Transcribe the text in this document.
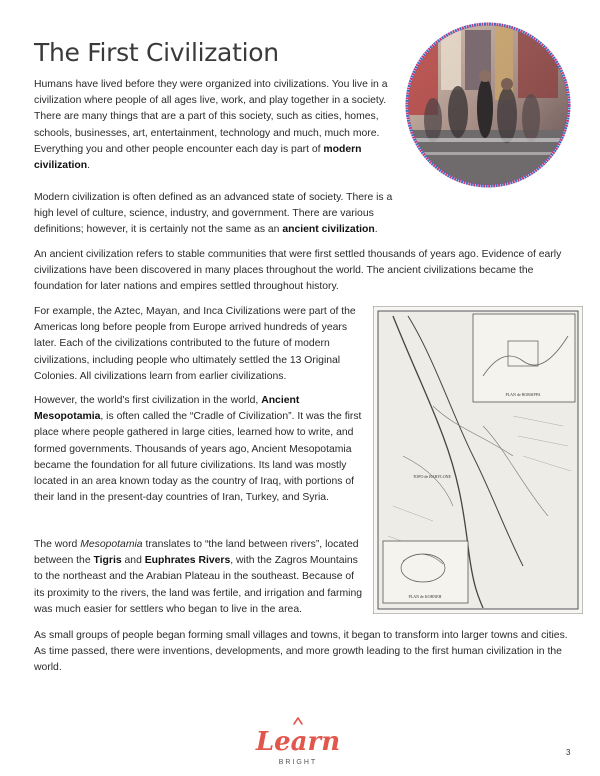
The First Civilization

Humans have lived before they were organized into civilizations. You live in a civilization where people of all ages live, work, and play together in a society. There are many things that are a part of this society, such as cities, homes, schools, businesses, art, entertainment, technology and much, much more. Everything you and other people encounter each day is part of modern civilization.

Modern civilization is often defined as an advanced state of society. There is a high level of culture, science, industry, and government. There are various definitions; however, it is certainly not the same as an ancient civilization.

An ancient civilization refers to stable communities that were first settled thousands of years ago. Evidence of early civilizations have been discovered in many places throughout the world. The ancient civilizations became the foundation for later nations and empires settled throughout history.

For example, the Aztec, Mayan, and Inca Civilizations were part of the Americas long before people from Europe arrived hundreds of years later. Each of the civilizations contributed to the future of modern civilizations, including people who ultimately settled the 13 Original Colonies. All civilizations learn from earlier civilizations.

However, the world's first civilization in the world, Ancient Mesopotamia, is often called the “Cradle of Civilization”. It was the first place where people gathered in large cities, learned how to write, and formed governments. Thousands of years ago, Ancient Mesopotamia became the foundation for all future civilizations. Its land was mostly located in an area known today as the country of Iraq, with portions of their land in the present-day countries of Iran, Turkey, and Syria.

The word Mesopotamia translates to “the land between rivers”, located between the Tigris and Euphrates Rivers, with the Zagros Mountains to the northeast and the Arabian Plateau in the southeast. Because of its proximity to the rivers, the land was fertile, and irrigation and farming was much easier for settlers who began to live in the area.

As small groups of people began forming small villages and towns, it began to transform into larger towns and cities. As time passed, there were inventions, developments, and more growth leading to the first human civilization in the world.

PLAN de BORSIPPA
TOPO de BABYLONE
PLAN de KORNEH
Learn
BRIGHT
3
